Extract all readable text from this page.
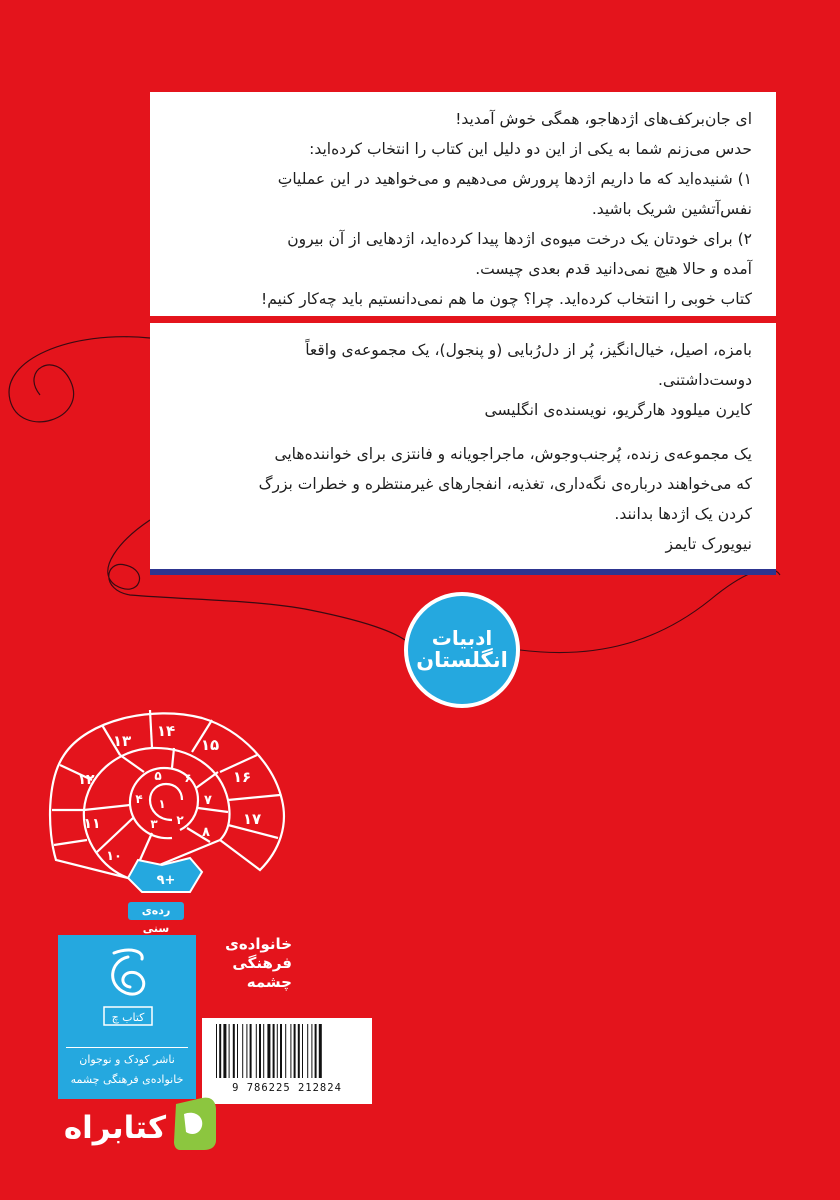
ای جان‌برکف‌های اژدهاجو، همگی خوش آمدید!
حدس می‌زنم شما به یکی از این دو دلیل این کتاب را انتخاب کرده‌اید:
۱) شنیده‌اید که ما داریم اژدها پرورش می‌دهیم و می‌خواهید در این عملیاتِ
نفس‌آتشین شریک باشید.
۲) برای خودتان یک درخت میوه‌ی اژدها پیدا کرده‌اید، اژدهایی از آن بیرون
آمده و حالا هیچ نمی‌دانید قدم بعدی چیست.
کتاب خوبی را انتخاب کرده‌اید. چرا؟ چون ما هم نمی‌دانستیم باید چه‌کار کنیم!
بامزه، اصیل، خیال‌انگیز، پُر از دل‌رُبایی (و پنجول)، یک مجموعه‌ی واقعاً
دوست‌داشتنی.
کایرن میلوود هارگریو، نویسنده‌ی انگلیسی
یک مجموعه‌ی زنده، پُرجنب‌وجوش، ماجراجویانه و فانتزی برای خواننده‌هایی
که می‌خواهند درباره‌ی نگه‌داری، تغذیه، انفجارهای غیرمنتظره و خطرات بزرگ
کردن یک اژدها بدانند.
نیویورک تایمز
ادبیات
انگلستان
۱
۲
۳
۴
۵ ۶
۷
۸
۹+
۱۰
۱۱
۱۲
۱۳
۱۴
۱۵
۱۶
۱۷
رده‌ی سنی
کتاب چ
ناشر کودک و نوجوان
خانواده‌ی فرهنگی چشمه
خانواده‌ی
فرهنگی
چشمه
9 786225 212824
کتابراه
